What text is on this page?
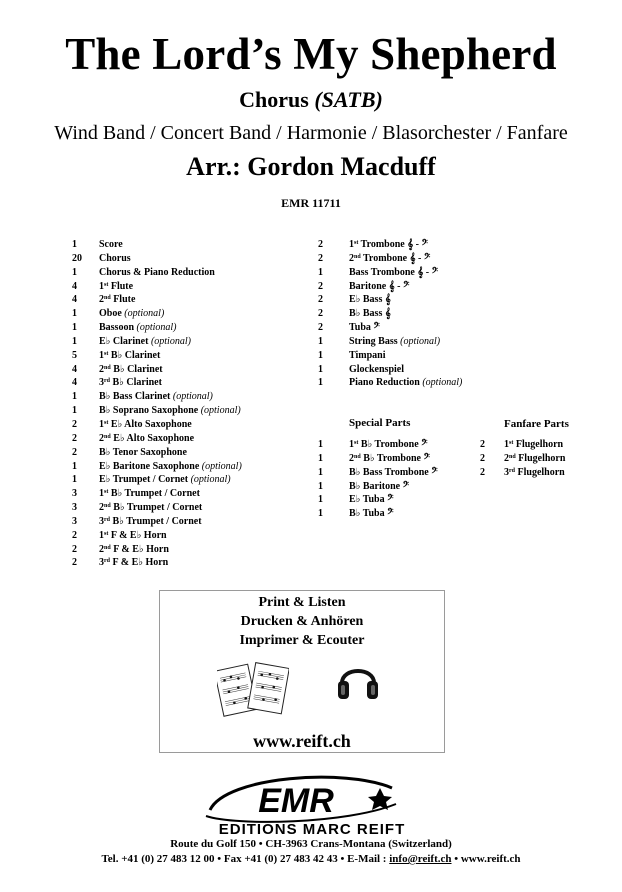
The Lord’s My Shepherd
Chorus (SATB)
Wind Band / Concert Band / Harmonie / Blasorchester / Fanfare
Arr.: Gordon Macduff
EMR 11711
1	Score
20	Chorus
1	Chorus & Piano Reduction
4	1st Flute
4	2nd Flute
1	Oboe (optional)
1	Bassoon (optional)
1	E♭ Clarinet (optional)
5	1st B♭ Clarinet
4	2nd B♭ Clarinet
4	3rd B♭ Clarinet
1	B♭ Bass Clarinet (optional)
1	B♭ Soprano Saxophone (optional)
2	1st E♭ Alto Saxophone
2	2nd E♭ Alto Saxophone
2	B♭ Tenor Saxophone
1	E♭ Baritone Saxophone (optional)
1	E♭ Trumpet / Cornet (optional)
3	1st B♭ Trumpet / Cornet
3	2nd B♭ Trumpet / Cornet
3	3rd B♭ Trumpet / Cornet
2	1st F & E♭ Horn
2	2nd F & E♭ Horn
2	3rd F & E♭ Horn
2	1st Trombone 𝄞 - 𝄢
2	2nd Trombone 𝄞 - 𝄢
1	Bass Trombone 𝄞 - 𝄢
2	Baritone 𝄞 - 𝄢
2	E♭ Bass 𝄞
2	B♭ Bass 𝄞
2	Tuba 𝄢
1	String Bass (optional)
1	Timpani
1	Glockenspiel
1	Piano Reduction (optional)
Special Parts
1	1st B♭ Trombone 𝄢
1	2nd B♭ Trombone 𝄢
1	B♭ Bass Trombone 𝄢
1	B♭ Baritone 𝄢
1	E♭ Tuba 𝄢
1	B♭ Tuba 𝄢
Fanfare Parts
2	1st Flugelhorn
2	2nd Flugelhorn
2	3rd Flugelhorn
Print & Listen
Drucken & Anhören
Imprimer & Ecouter
www.reift.ch
EMR
EDITIONS MARC REIFT
Route du Golf 150 • CH-3963 Crans-Montana (Switzerland)
Tel. +41 (0) 27 483 12 00 • Fax +41 (0) 27 483 42 43 • E-Mail : info@reift.ch • www.reift.ch
